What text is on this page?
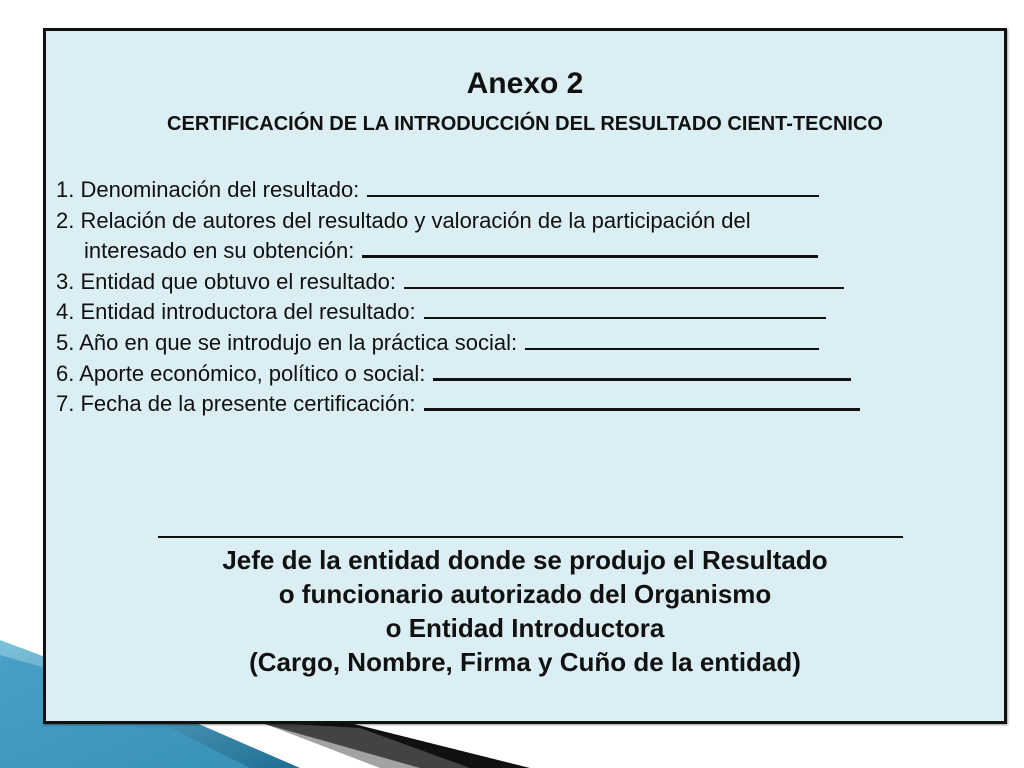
Anexo 2
CERTIFICACIÓN DE LA INTRODUCCIÓN DEL RESULTADO CIENT-TECNICO
1. Denominación del resultado:
2. Relación de autores del resultado y valoración de la participación del
interesado en su obtención:
3. Entidad que obtuvo el resultado:
4. Entidad introductora del resultado:
5. Año en que se introdujo en la práctica social:
6. Aporte económico, político o social:
7. Fecha de la presente certificación:
Jefe de la entidad donde se produjo el Resultado
o funcionario autorizado del Organismo
o Entidad Introductora
(Cargo, Nombre, Firma y Cuño de la entidad)
